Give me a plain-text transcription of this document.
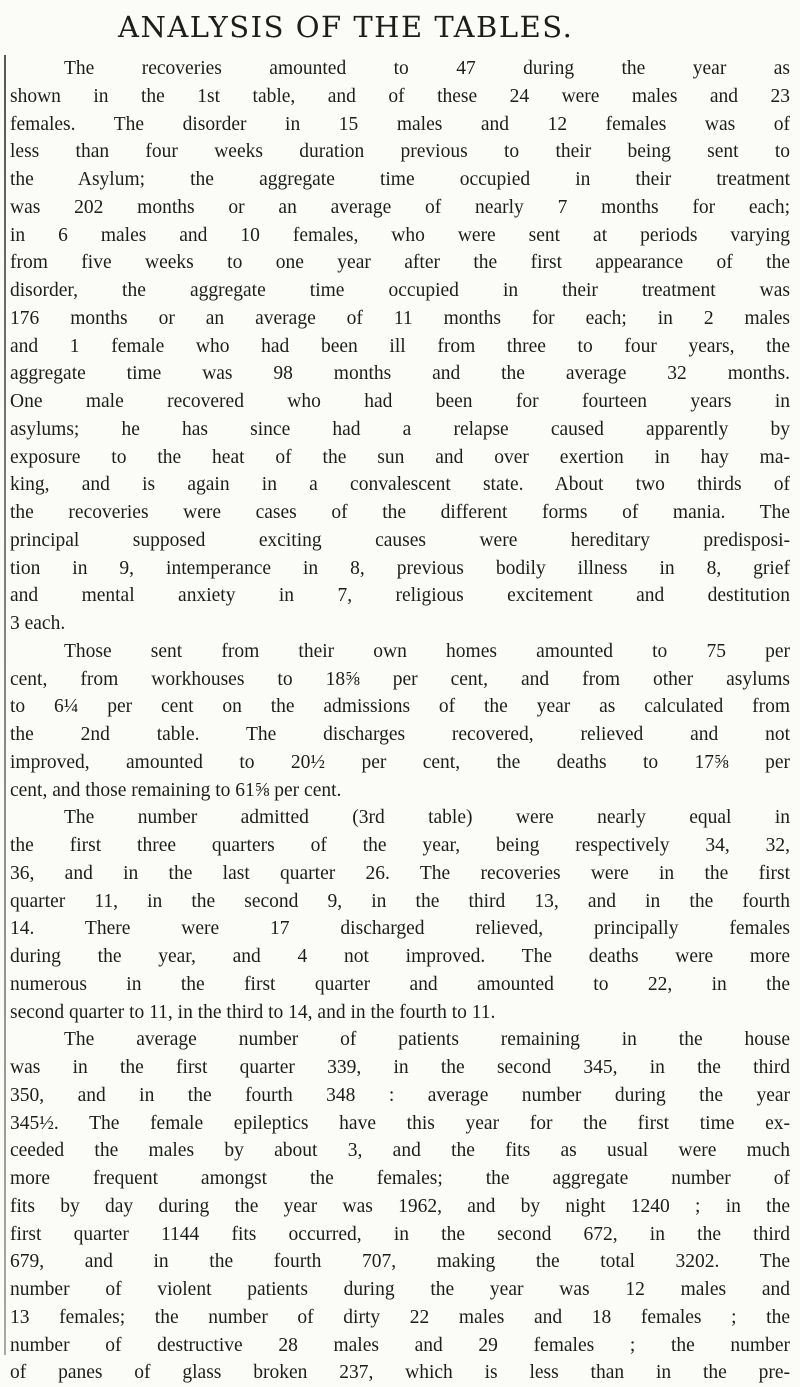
ANALYSIS OF THE TABLES.
The recoveries amounted to 47 during the year as
shown in the 1st table, and of these 24 were males and 23
females. The disorder in 15 males and 12 females was of
less than four weeks duration previous to their being sent to
the Asylum; the aggregate time occupied in their treatment
was 202 months or an average of nearly 7 months for each;
in 6 males and 10 females, who were sent at periods varying
from five weeks to one year after the first appearance of the
disorder, the aggregate time occupied in their treatment was
176 months or an average of 11 months for each; in 2 males
and 1 female who had been ill from three to four years, the
aggregate time was 98 months and the average 32 months.
One male recovered who had been for fourteen years in
asylums; he has since had a relapse caused apparently by
exposure to the heat of the sun and over exertion in hay ma-
king, and is again in a convalescent state. About two thirds of
the recoveries were cases of the different forms of mania. The
principal supposed exciting causes were hereditary predisposi-
tion in 9, intemperance in 8, previous bodily illness in 8, grief
and mental anxiety in 7, religious excitement and destitution
3 each.
Those sent from their own homes amounted to 75 per
cent, from workhouses to 18⅝ per cent, and from other asylums
to 6¼ per cent on the admissions of the year as calculated from
the 2nd table. The discharges recovered, relieved and not
improved, amounted to 20½ per cent, the deaths to 17⅝ per
cent, and those remaining to 61⅝ per cent.
The number admitted (3rd table) were nearly equal in
the first three quarters of the year, being respectively 34, 32,
36, and in the last quarter 26. The recoveries were in the first
quarter 11, in the second 9, in the third 13, and in the fourth
14. There were 17 discharged relieved, principally females
during the year, and 4 not improved. The deaths were more
numerous in the first quarter and amounted to 22, in the
second quarter to 11, in the third to 14, and in the fourth to 11.
The average number of patients remaining in the house
was in the first quarter 339, in the second 345, in the third
350, and in the fourth 348 : average number during the year
345½. The female epileptics have this year for the first time ex-
ceeded the males by about 3, and the fits as usual were much
more frequent amongst the females; the aggregate number of
fits by day during the year was 1962, and by night 1240 ; in the
first quarter 1144 fits occurred, in the second 672, in the third
679, and in the fourth 707, making the total 3202. The
number of violent patients during the year was 12 males and
13 females; the number of dirty 22 males and 18 females ; the
number of destructive 28 males and 29 females ; the number
of panes of glass broken 237, which is less than in the pre-
